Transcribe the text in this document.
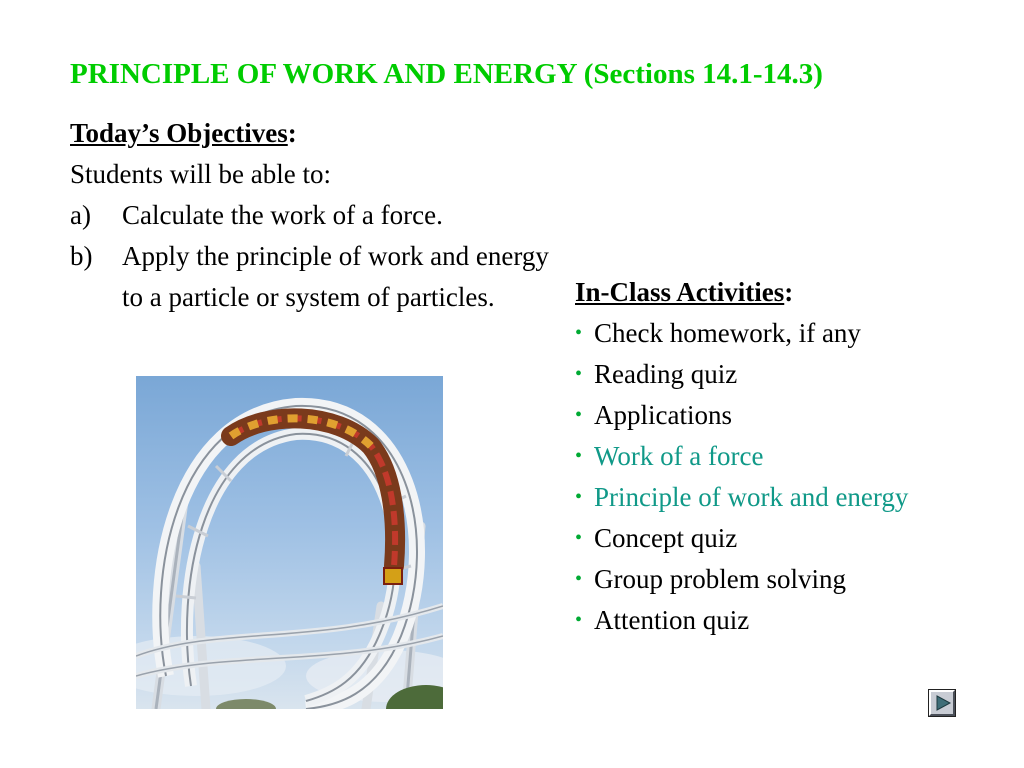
PRINCIPLE OF WORK AND ENERGY (Sections 14.1-14.3)
Today’s Objectives:
Students will be able to:
a) Calculate the work of a force.
b) Apply the principle of work and energy to a particle or system of particles.	In-Class Activities:
• Check homework, if any
• Reading quiz
• Applications
• Work of a force
• Principle of work and energy
• Concept quiz
• Group problem solving
• Attention quiz
